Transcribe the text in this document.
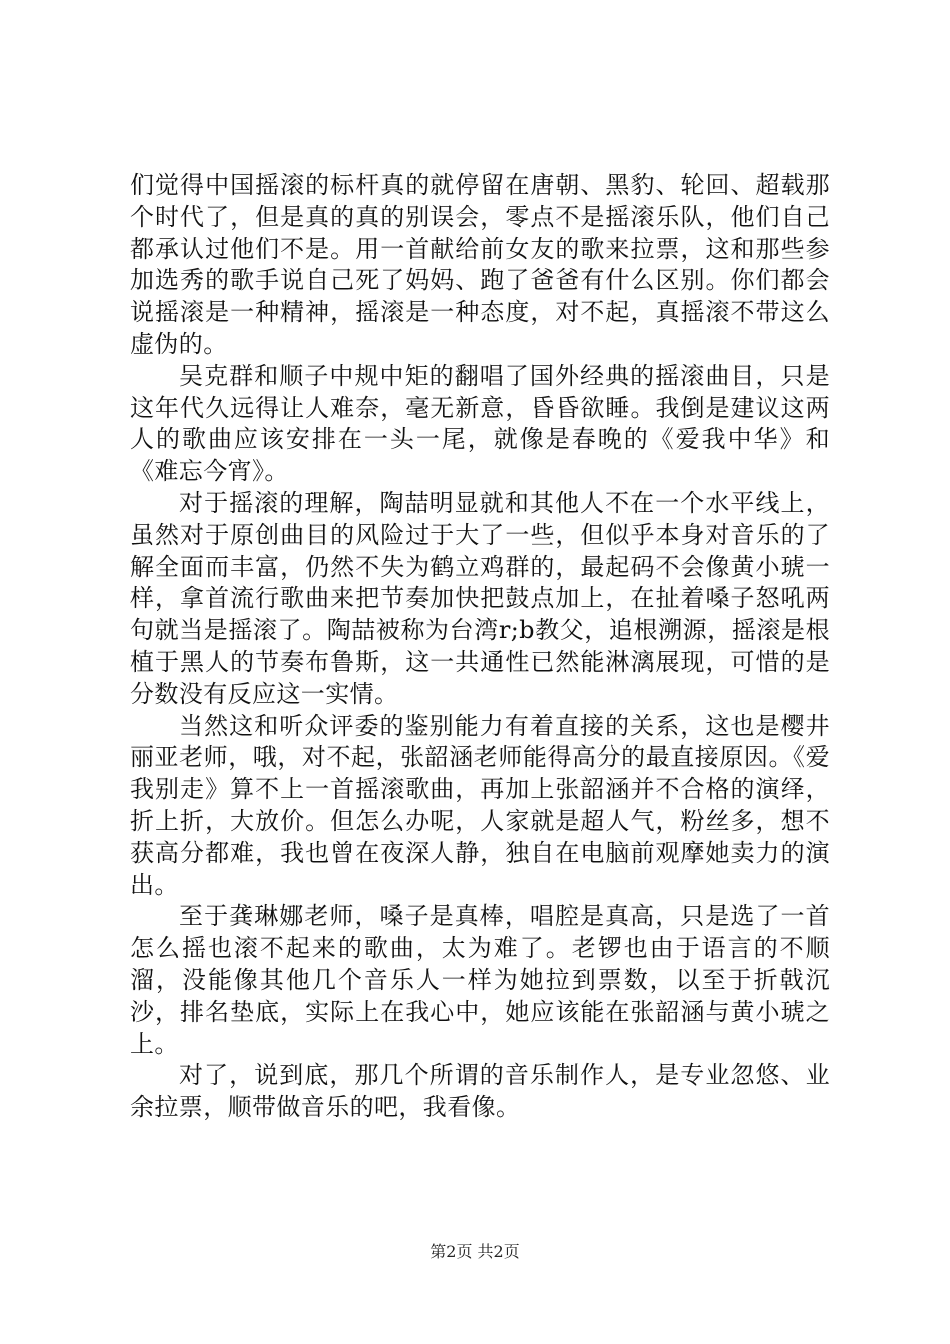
们觉得中国摇滚的标杆真的就停留在唐朝、黑豹、轮回、超载那个时代了，但是真的真的别误会，零点不是摇滚乐队，他们自己都承认过他们不是。用一首献给前女友的歌来拉票，这和那些参加选秀的歌手说自己死了妈妈、跑了爸爸有什么区别。你们都会说摇滚是一种精神，摇滚是一种态度，对不起，真摇滚不带这么虚伪的。

吴克群和顺子中规中矩的翻唱了国外经典的摇滚曲目，只是这年代久远得让人难奈，毫无新意，昏昏欲睡。我倒是建议这两人的歌曲应该安排在一头一尾，就像是春晚的《爱我中华》和《难忘今宵》。

对于摇滚的理解，陶喆明显就和其他人不在一个水平线上，虽然对于原创曲目的风险过于大了一些，但似乎本身对音乐的了解全面而丰富，仍然不失为鹤立鸡群的，最起码不会像黄小琥一样，拿首流行歌曲来把节奏加快把鼓点加上，在扯着嗓子怒吼两句就当是摇滚了。陶喆被称为台湾r;b教父，追根溯源，摇滚是根植于黑人的节奏布鲁斯，这一共通性已然能淋漓展现，可惜的是分数没有反应这一实情。

当然这和听众评委的鉴别能力有着直接的关系，这也是樱井丽亚老师，哦，对不起，张韶涵老师能得高分的最直接原因。《爱我别走》算不上一首摇滚歌曲，再加上张韶涵并不合格的演绎，折上折，大放价。但怎么办呢，人家就是超人气，粉丝多，想不获高分都难，我也曾在夜深人静，独自在电脑前观摩她卖力的演出。

至于龚琳娜老师，嗓子是真棒，唱腔是真高，只是选了一首怎么摇也滚不起来的歌曲，太为难了。老锣也由于语言的不顺溜，没能像其他几个音乐人一样为她拉到票数，以至于折戟沉沙，排名垫底，实际上在我心中，她应该能在张韶涵与黄小琥之上。

对了，说到底，那几个所谓的音乐制作人，是专业忽悠、业余拉票，顺带做音乐的吧，我看像。

第2页 共2页
